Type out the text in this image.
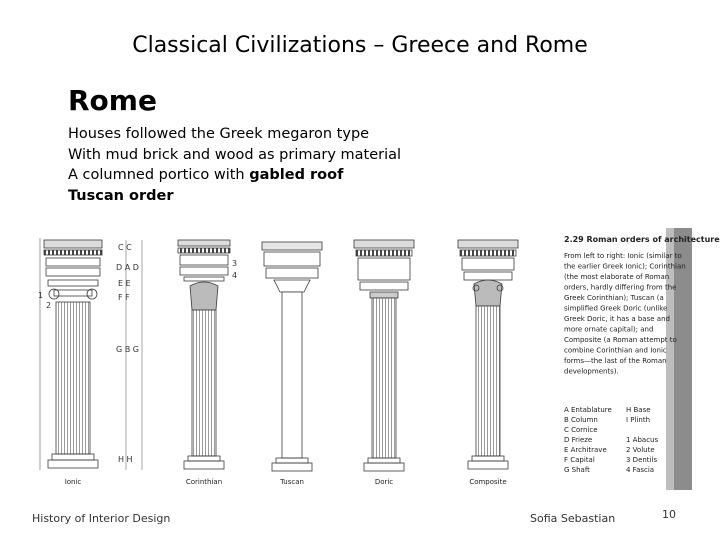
Classical Civilizations – Greece and Rome
Rome
Houses followed the Greek megaron type
With mud brick and wood as primary material
A columned portico with gabled roof
Tuscan order
C C
D A D
E E
F F
G B G
H H
1
2
3
4
Ionic	Corinthian	Tuscan	Doric	Composite
2.29 Roman orders of architecture
From left to right: Ionic (similar to
the earlier Greek Ionic); Corinthian
(the most elaborate of Roman
orders, hardly differing from the
Greek Corinthian); Tuscan (a
simplified Greek Doric (unlike
Greek Doric, it has a base and
more ornate capital); and
Composite (a Roman attempt to
combine Corinthian and Ionic
forms—the last of the Roman
developments).
A Entablature
B Column
C Cornice
D Frieze
E Architrave
F Capital
G Shaft
H Base
I Plinth
1 Abacus
2 Volute
3 Dentils
4 Fascia
History of Interior Design	Sofia Sebastian	10
